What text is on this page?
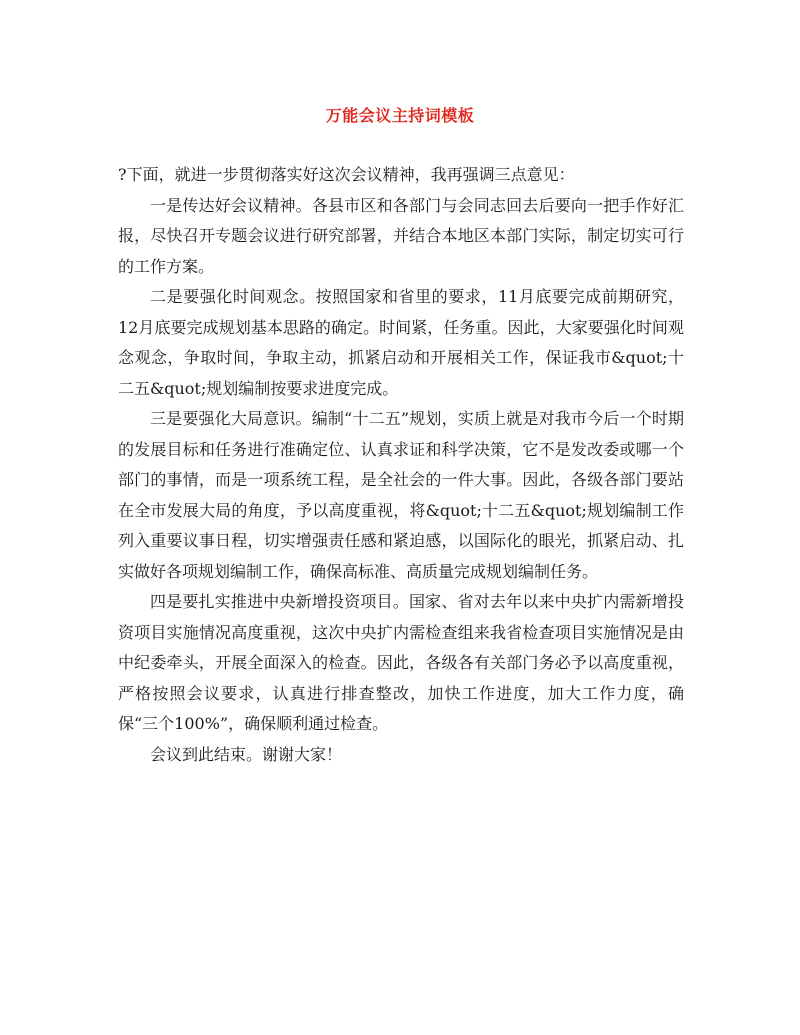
万能会议主持词模板

?下面，就进一步贯彻落实好这次会议精神，我再强调三点意见：

一是传达好会议精神。各县市区和各部门与会同志回去后要向一把手作好汇报，尽快召开专题会议进行研究部署，并结合本地区本部门实际，制定切实可行的工作方案。

二是要强化时间观念。按照国家和省里的要求，11月底要完成前期研究，12月底要完成规划基本思路的确定。时间紧，任务重。因此，大家要强化时间观念观念，争取时间，争取主动，抓紧启动和开展相关工作，保证我市&quot;十二五&quot;规划编制按要求进度完成。

三是要强化大局意识。编制“十二五”规划，实质上就是对我市今后一个时期的发展目标和任务进行准确定位、认真求证和科学决策，它不是发改委或哪一个部门的事情，而是一项系统工程，是全社会的一件大事。因此，各级各部门要站在全市发展大局的角度，予以高度重视，将&quot;十二五&quot;规划编制工作列入重要议事日程，切实增强责任感和紧迫感，以国际化的眼光，抓紧启动、扎实做好各项规划编制工作，确保高标准、高质量完成规划编制任务。

四是要扎实推进中央新增投资项目。国家、省对去年以来中央扩内需新增投资项目实施情况高度重视，这次中央扩内需检查组来我省检查项目实施情况是由中纪委牵头，开展全面深入的检查。因此，各级各有关部门务必予以高度重视，严格按照会议要求，认真进行排查整改，加快工作进度，加大工作力度，确保“三个100%”，确保顺利通过检查。

会议到此结束。谢谢大家！
